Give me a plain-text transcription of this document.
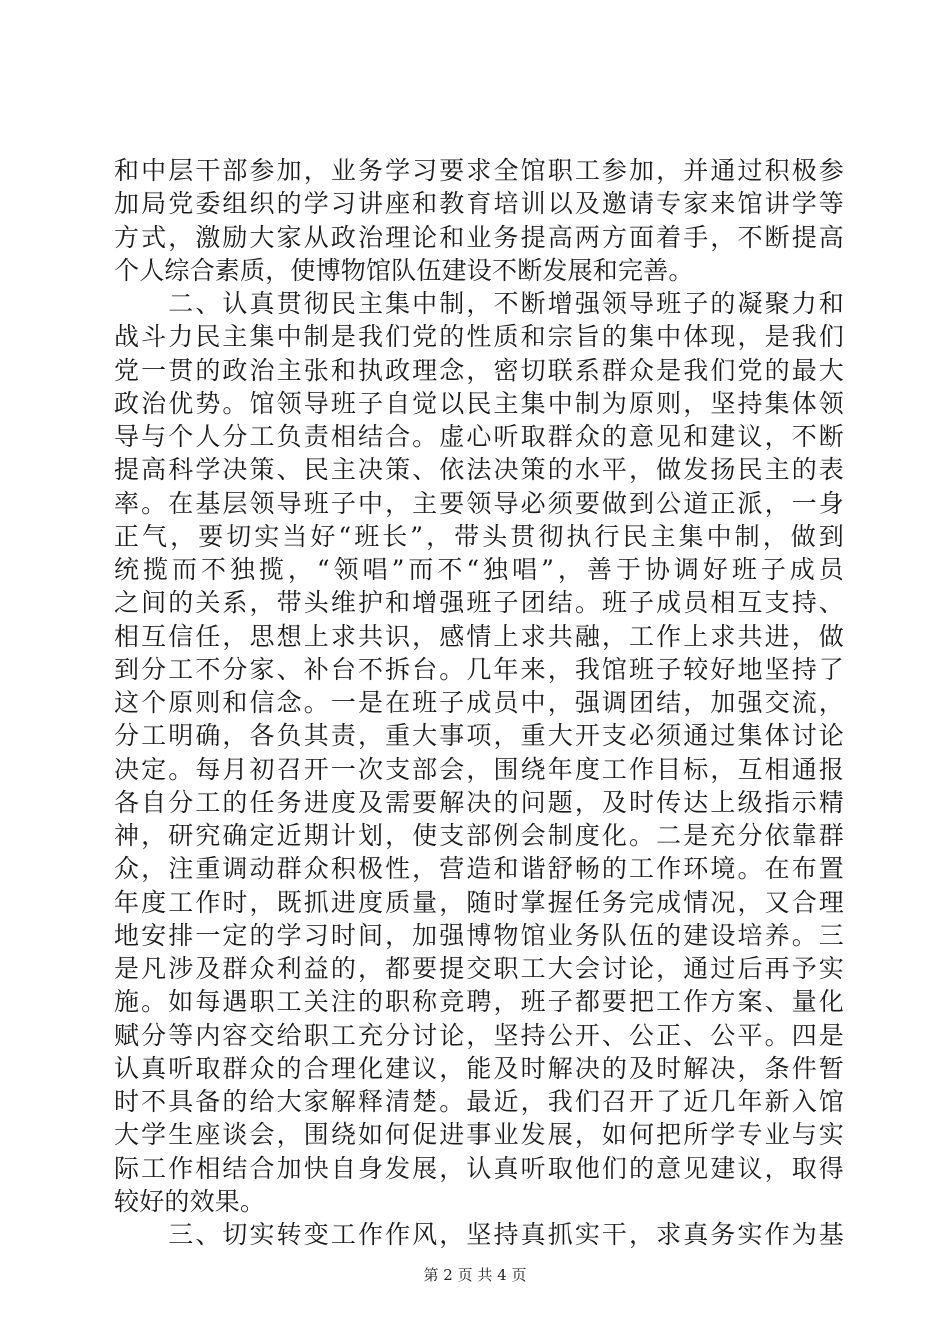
和中层干部参加，业务学习要求全馆职工参加，并通过积极参
加局党委组织的学习讲座和教育培训以及邀请专家来馆讲学等
方式，激励大家从政治理论和业务提高两方面着手，不断提高
个人综合素质，使博物馆队伍建设不断发展和完善。
　　二、认真贯彻民主集中制，不断增强领导班子的凝聚力和
战斗力民主集中制是我们党的性质和宗旨的集中体现，是我们
党一贯的政治主张和执政理念，密切联系群众是我们党的最大
政治优势。馆领导班子自觉以民主集中制为原则，坚持集体领
导与个人分工负责相结合。虚心听取群众的意见和建议，不断
提高科学决策、民主决策、依法决策的水平，做发扬民主的表
率。在基层领导班子中，主要领导必须要做到公道正派，一身
正气，要切实当好“班长”，带头贯彻执行民主集中制，做到
统揽而不独揽，“领唱”而不“独唱”，善于协调好班子成员
之间的关系，带头维护和增强班子团结。班子成员相互支持、
相互信任，思想上求共识，感情上求共融，工作上求共进，做
到分工不分家、补台不拆台。几年来，我馆班子较好地坚持了
这个原则和信念。一是在班子成员中，强调团结，加强交流，
分工明确，各负其责，重大事项，重大开支必须通过集体讨论
决定。每月初召开一次支部会，围绕年度工作目标，互相通报
各自分工的任务进度及需要解决的问题，及时传达上级指示精
神，研究确定近期计划，使支部例会制度化。二是充分依靠群
众，注重调动群众积极性，营造和谐舒畅的工作环境。在布置
年度工作时，既抓进度质量，随时掌握任务完成情况，又合理
地安排一定的学习时间，加强博物馆业务队伍的建设培养。三
是凡涉及群众利益的，都要提交职工大会讨论，通过后再予实
施。如每遇职工关注的职称竞聘，班子都要把工作方案、量化
赋分等内容交给职工充分讨论，坚持公开、公正、公平。四是
认真听取群众的合理化建议，能及时解决的及时解决，条件暂
时不具备的给大家解释清楚。最近，我们召开了近几年新入馆
大学生座谈会，围绕如何促进事业发展，如何把所学专业与实
际工作相结合加快自身发展，认真听取他们的意见建议，取得
较好的效果。
　　三、切实转变工作作风，坚持真抓实干，求真务实作为基
第 2 页 共 4 页
